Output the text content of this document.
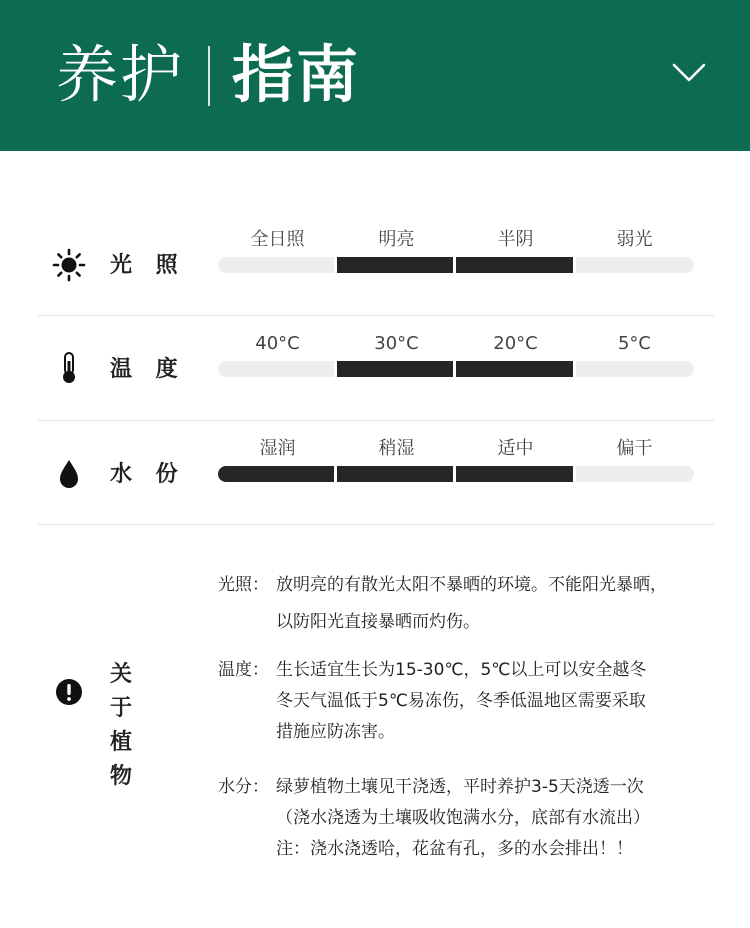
养护 指南
光 照
全日照	明亮	半阴	弱光
温 度
40°C	30°C	20°C	5°C
水 份
湿润	稍湿	适中	偏干
关 于
植 物
光照： 放明亮的有散光太阳不暴晒的环境。不能阳光暴晒，
以防阳光直接暴晒而灼伤。
温度： 生长适宜生长为15-30℃，5℃以上可以安全越冬
冬天气温低于5℃易冻伤，冬季低温地区需要采取
措施应防冻害。
水分： 绿萝植物土壤见干浇透，平时养护3-5天浇透一次
（浇水浇透为土壤吸收饱满水分，底部有水流出）
注：浇水浇透哈，花盆有孔，多的水会排出！！
